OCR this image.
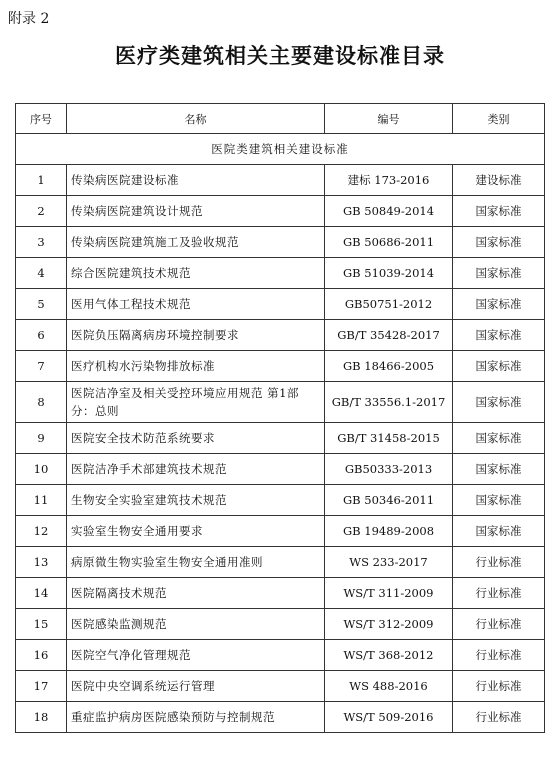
附录 2
医疗类建筑相关主要建设标准目录
序号	名称	编号	类别
医院类建筑相关建设标准			
1	传染病医院建设标准	建标 173-2016	建设标准
2	传染病医院建筑设计规范	GB 50849-2014	国家标准
3	传染病医院建筑施工及验收规范	GB 50686-2011	国家标准
4	综合医院建筑技术规范	GB 51039-2014	国家标准
5	医用气体工程技术规范	GB50751-2012	国家标准
6	医院负压隔离病房环境控制要求	GB/T 35428-2017	国家标准
7	医疗机构水污染物排放标准	GB 18466-2005	国家标准
8	医院洁净室及相关受控环境应用规范 第1部分：总则	GB/T 33556.1-2017	国家标准
9	医院安全技术防范系统要求	GB/T 31458-2015	国家标准
10	医院洁净手术部建筑技术规范	GB50333-2013	国家标准
11	生物安全实验室建筑技术规范	GB 50346-2011	国家标准
12	实验室生物安全通用要求	GB 19489-2008	国家标准
13	病原微生物实验室生物安全通用准则	WS 233-2017	行业标准
14	医院隔离技术规范	WS/T 311-2009	行业标准
15	医院感染监测规范	WS/T 312-2009	行业标准
16	医院空气净化管理规范	WS/T 368-2012	行业标准
17	医院中央空调系统运行管理	WS 488-2016	行业标准
18	重症监护病房医院感染预防与控制规范	WS/T 509-2016	行业标准
